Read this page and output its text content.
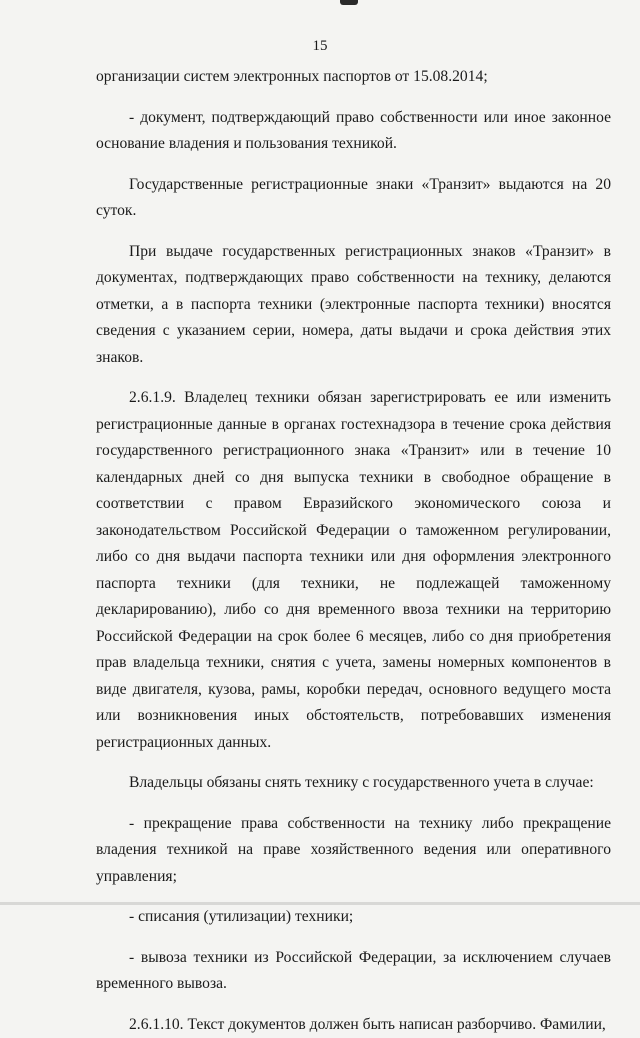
15

организации систем электронных паспортов от 15.08.2014;

- документ, подтверждающий право собственности или иное законное основание владения и пользования техникой.

Государственные регистрационные знаки «Транзит» выдаются на 20 суток.

При выдаче государственных регистрационных знаков «Транзит» в документах, подтверждающих право собственности на технику, делаются отметки, а в паспорта техники (электронные паспорта техники) вносятся сведения с указанием серии, номера, даты выдачи и срока действия этих знаков.

2.6.1.9. Владелец техники обязан зарегистрировать ее или изменить регистрационные данные в органах гостехнадзора в течение срока действия государственного регистрационного знака «Транзит» или в течение 10 календарных дней со дня выпуска техники в свободное обращение в соответствии с правом Евразийского экономического союза и законодательством Российской Федерации о таможенном регулировании, либо со дня выдачи паспорта техники или дня оформления электронного паспорта техники (для техники, не подлежащей таможенному декларированию), либо со дня временного ввоза техники на территорию Российской Федерации на срок более 6 месяцев, либо со дня приобретения прав владельца техники, снятия с учета, замены номерных компонентов в виде двигателя, кузова, рамы, коробки передач, основного ведущего моста или возникновения иных обстоятельств, потребовавших изменения регистрационных данных.

Владельцы обязаны снять технику с государственного учета в случае:

- прекращение права собственности на технику либо прекращение владения техникой на праве хозяйственного ведения или оперативного управления;

- списания (утилизации) техники;

- вывоза техники из Российской Федерации, за исключением случаев временного вывоза.

2.6.1.10. Текст документов должен быть написан разборчиво. Фамилии,
